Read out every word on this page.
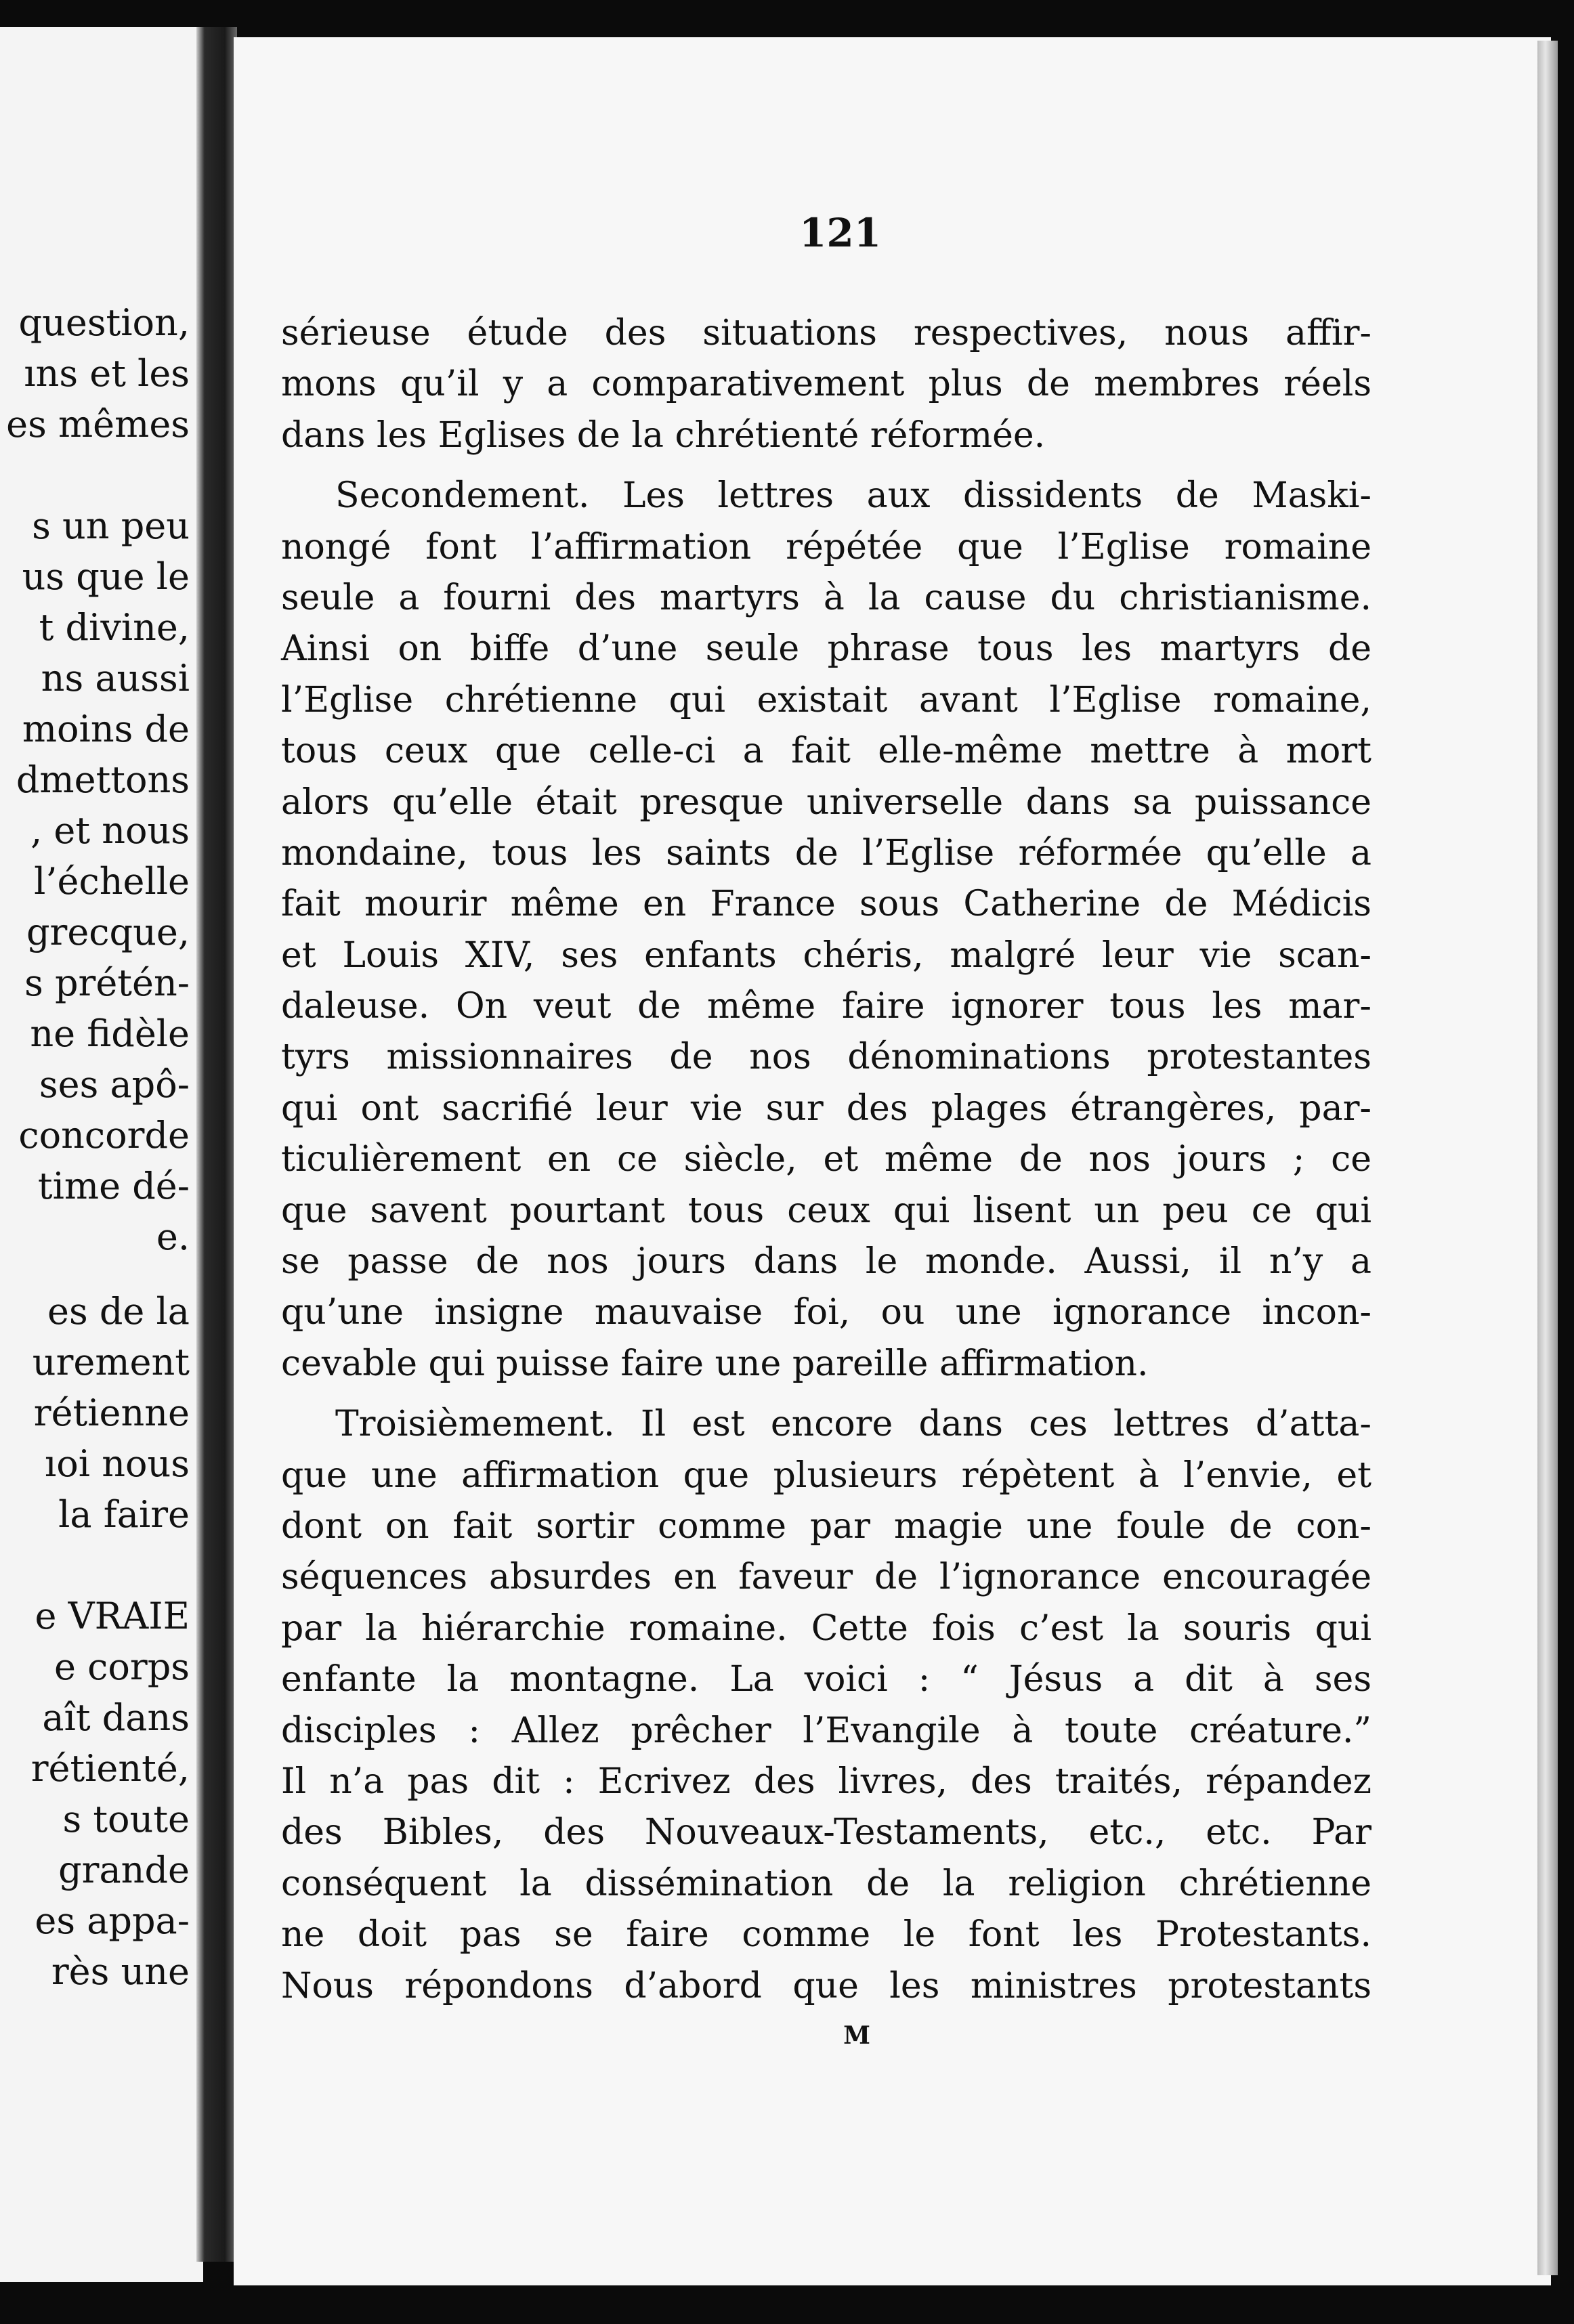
question,
ıns et les
es mêmes
s un peu
us que le
t divine,
ns aussi
moins de
dmettons
, et nous
l’échelle
grecque,
s prétén-
ne fidèle
ses apô-
concorde
time dé-
e.
es de la
urement
rétienne
ıoi nous
la faire
e VRAIE
e corps
aît dans
rétienté,
s toute
grande
es appa-
rès une
121
sérieuse étude des situations respectives, nous affir-
mons qu’il y a comparativement plus de membres réels
dans les Eglises de la chrétienté réformée.
Secondement. Les lettres aux dissidents de Maski-
nongé font l’affirmation répétée que l’Eglise romaine
seule a fourni des martyrs à la cause du christianisme.
Ainsi on biffe d’une seule phrase tous les martyrs de
l’Eglise chrétienne qui existait avant l’Eglise romaine,
tous ceux que celle-ci a fait elle-même mettre à mort
alors qu’elle était presque universelle dans sa puissance
mondaine, tous les saints de l’Eglise réformée qu’elle a
fait mourir même en France sous Catherine de Médicis
et Louis XIV, ses enfants chéris, malgré leur vie scan-
daleuse. On veut de même faire ignorer tous les mar-
tyrs missionnaires de nos dénominations protestantes
qui ont sacrifié leur vie sur des plages étrangères, par-
ticulièrement en ce siècle, et même de nos jours ; ce
que savent pourtant tous ceux qui lisent un peu ce qui
se passe de nos jours dans le monde. Aussi, il n’y a
qu’une insigne mauvaise foi, ou une ignorance incon-
cevable qui puisse faire une pareille affirmation.
Troisièmement. Il est encore dans ces lettres d’atta-
que une affirmation que plusieurs répètent à l’envie, et
dont on fait sortir comme par magie une foule de con-
séquences absurdes en faveur de l’ignorance encouragée
par la hiérarchie romaine. Cette fois c’est la souris qui
enfante la montagne. La voici : “ Jésus a dit à ses
disciples : Allez prêcher l’Evangile à toute créature.”
Il n’a pas dit : Ecrivez des livres, des traités, répandez
des Bibles, des Nouveaux-Testaments, etc., etc. Par
conséquent la dissémination de la religion chrétienne
ne doit pas se faire comme le font les Protestants.
Nous répondons d’abord que les ministres protestants
M
